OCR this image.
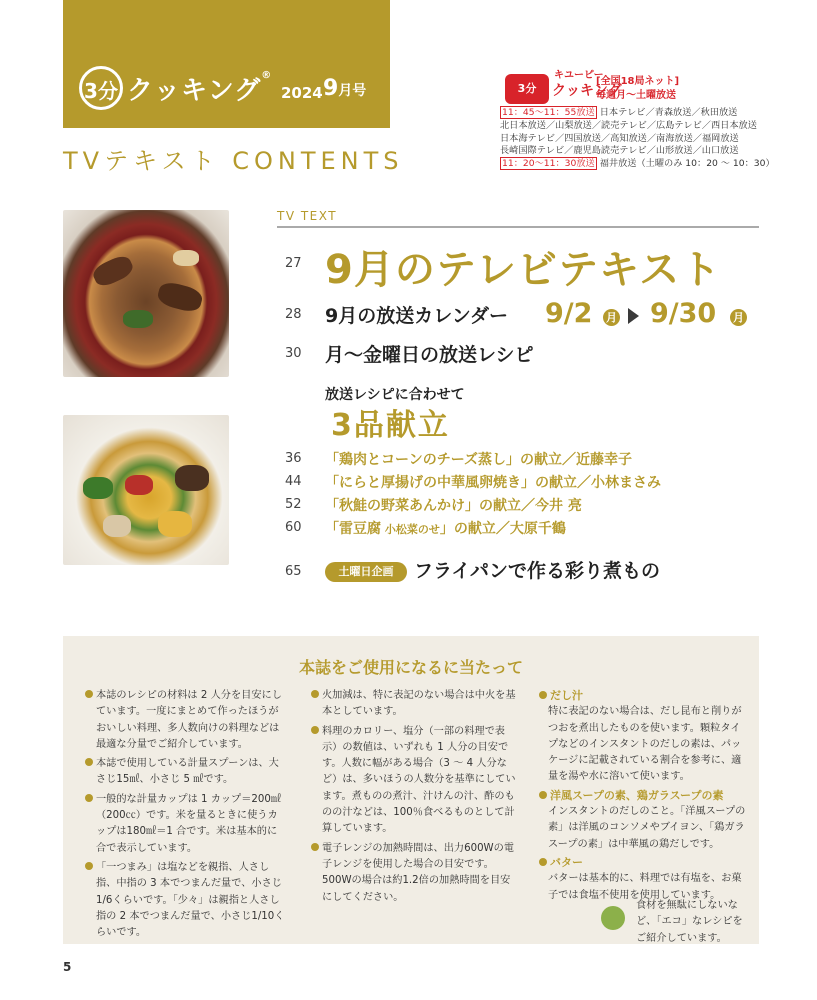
3分 クッキング®
2024 9月号
TVテキスト CONTENTS
3分
キユーピー
クッキング
[全国18局ネット]
毎週月〜土曜放送
11：45〜11：55放送 日本テレビ／青森放送／秋田放送
北日本放送／山梨放送／読売テレビ／広島テレビ／西日本放送
日本海テレビ／四国放送／高知放送／南海放送／福岡放送
長崎国際テレビ／鹿児島読売テレビ／山形放送／山口放送
11：20〜11：30放送 福井放送（土曜のみ 10：20 〜 10：30）
TV TEXT
27 9月のテレビテキスト
28 9月の放送カレンダー 9/2 月 9/30 月
30 月〜金曜日の放送レシピ
放送レシピに合わせて
3品献立
36 「鶏肉とコーンのチーズ蒸し」の献立／近藤幸子
44 「にらと厚揚げの中華風卵焼き」の献立／小林まさみ
52 「秋鮭の野菜あんかけ」の献立／今井 亮
60 「雷豆腐 小松菜のせ」の献立／大原千鶴
65	土曜日企画	フライパンで作る彩り煮もの
本誌をご使用になるに当たって

本誌のレシピの材料は 2 人分を目安にしています。一度にまとめて作ったほうがおいしい料理、多人数向けの料理などは最適な分量でご紹介しています。

本誌で使用している計量スプーンは、大さじ15㎖、小さじ 5 ㎖です。

一般的な計量カップは 1 カップ＝200㎖（200㏄）です。米を量るときに使うカップは180㎖＝1 合です。米は基本的に合で表示しています。

「一つまみ」は塩などを親指、人さし指、中指の 3 本でつまんだ量で、小さじ1/6くらいです。「少々」は親指と人さし指の 2 本でつまんだ量で、小さじ1/10くらいです。

火加減は、特に表記のない場合は中火を基本としています。

料理のカロリー、塩分（一部の料理で表示）の数値は、いずれも 1 人分の目安です。人数に幅がある場合（3 〜 4 人分など）は、多いほうの人数分を基準にしています。煮ものの煮汁、汁けんの汁、酢のものの汁などは、100％食べるものとして計算しています。

電子レンジの加熱時間は、出力600Wの電子レンジを使用した場合の目安です。500Wの場合は約1.2倍の加熱時間を目安にしてください。

だし汁
特に表記のない場合は、だし昆布と削りがつおを煮出したものを使います。顆粒タイプなどのインスタントのだしの素は、パッケージに記載されている割合を参考に、適量を湯や水に溶いて使います。
洋風スープの素、鶏ガラスープの素
インスタントのだしのこと。「洋風スープの素」は洋風のコンソメやブイヨン、「鶏ガラスープの素」は中華風の鶏だしです。
バター
バターは基本的に、料理では有塩を、お菓子では食塩不使用を使用しています。
食材を無駄にしないなど、「エコ」なレシピをご紹介しています。
5
